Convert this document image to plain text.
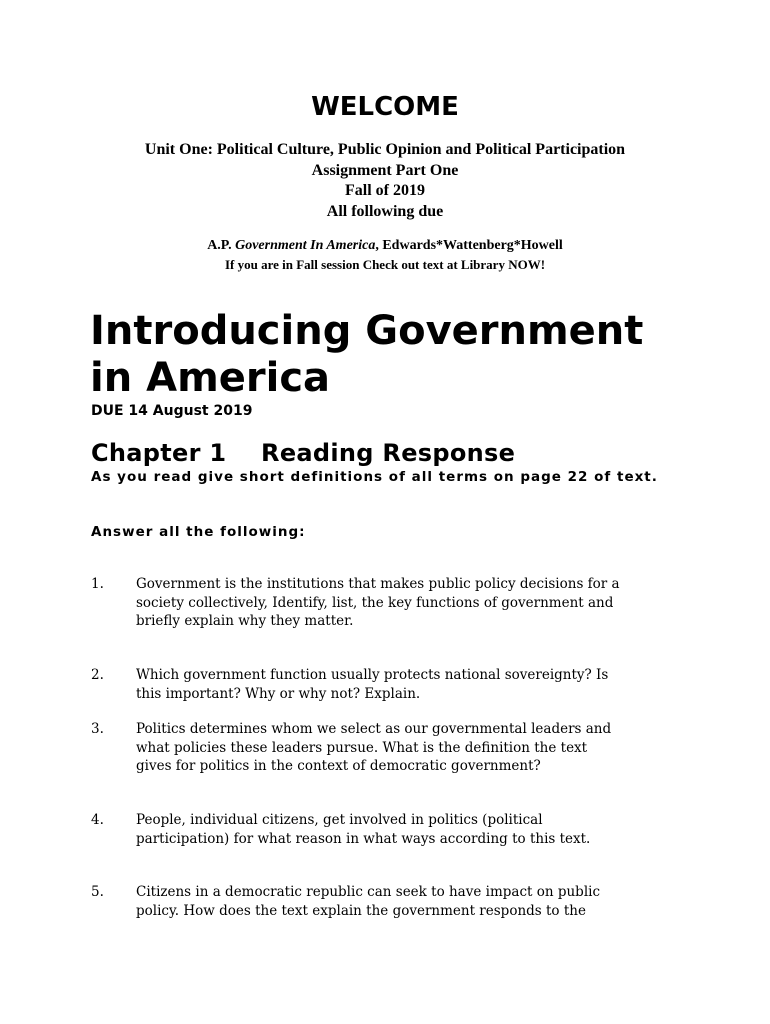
WELCOME
Unit One: Political Culture, Public Opinion and Political Participation
Assignment Part One
Fall of 2019
All following due
A.P. Government In America, Edwards*Wattenberg*Howell
If you are in Fall session Check out text at Library NOW!
Introducing Government
in America
DUE 14 August 2019
Chapter 1    Reading Response
As you read give short definitions of all terms on page 22 of text.
Answer all the following:
1. Government is the institutions that makes public policy decisions for a
society collectively, Identify, list, the key functions of government and
briefly explain why they matter.
2. Which government function usually protects national sovereignty? Is
this important? Why or why not? Explain.
3. Politics determines whom we select as our governmental leaders and
what policies these leaders pursue. What is the definition the text
gives for politics in the context of democratic government?
4. People, individual citizens, get involved in politics (political
participation) for what reason in what ways according to this text.
5. Citizens in a democratic republic can seek to have impact on public
policy. How does the text explain the government responds to the
